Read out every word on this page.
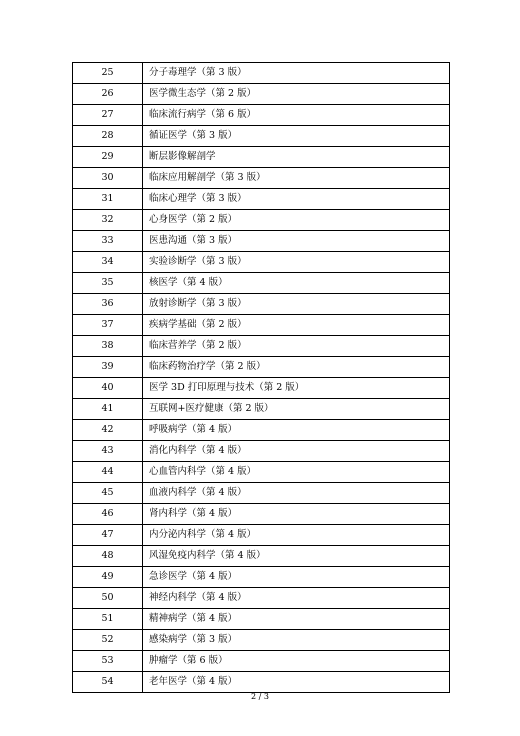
25	分子毒理学（第 3 版）
26	医学微生态学（第 2 版）
27	临床流行病学（第 6 版）
28	循证医学（第 3 版）
29	断层影像解剖学
30	临床应用解剖学（第 3 版）
31	临床心理学（第 3 版）
32	心身医学（第 2 版）
33	医患沟通（第 3 版）
34	实验诊断学（第 3 版）
35	核医学（第 4 版）
36	放射诊断学（第 3 版）
37	疾病学基础（第 2 版）
38	临床营养学（第 2 版）
39	临床药物治疗学（第 2 版）
40	医学 3D 打印原理与技术（第 2 版）
41	互联网+医疗健康（第 2 版）
42	呼吸病学（第 4 版）
43	消化内科学（第 4 版）
44	心血管内科学（第 4 版）
45	血液内科学（第 4 版）
46	肾内科学（第 4 版）
47	内分泌内科学（第 4 版）
48	风湿免疫内科学（第 4 版）
49	急诊医学（第 4 版）
50	神经内科学（第 4 版）
51	精神病学（第 4 版）
52	感染病学（第 3 版）
53	肿瘤学（第 6 版）
54	老年医学（第 4 版）
2 / 3
